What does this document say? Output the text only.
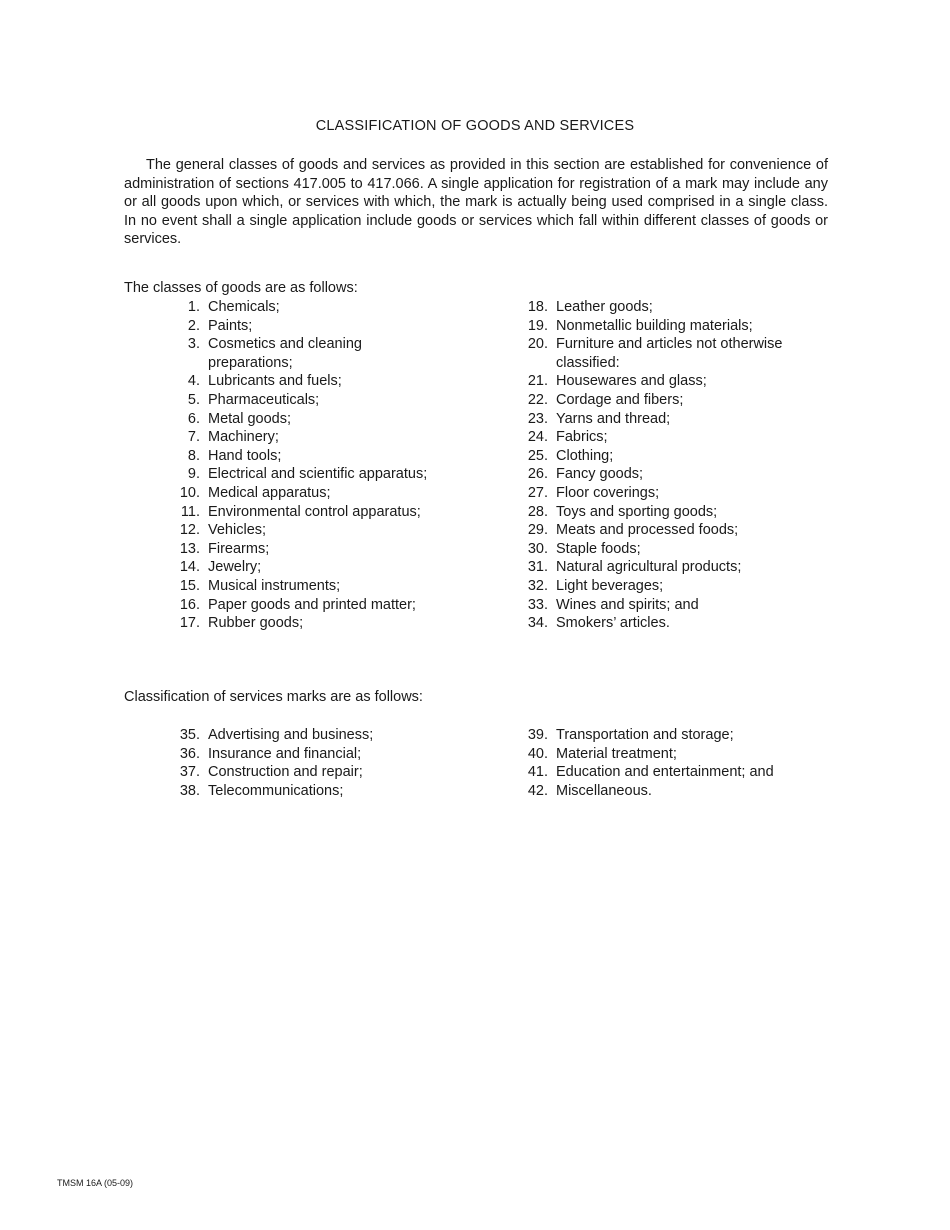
CLASSIFICATION OF GOODS AND SERVICES

The general classes of goods and services as provided in this section are established for convenience of administration of sections 417.005 to 417.066. A single application for registration of a mark may include any or all goods upon which, or services with which, the mark is actually being used comprised in a single class. In no event shall a single application include goods or services which fall within different classes of goods or services.

The classes of goods are as follows:

1. Chemicals;
2. Paints;
3. Cosmetics and cleaning preparations;
4. Lubricants and fuels;
5. Pharmaceuticals;
6. Metal goods;
7. Machinery;
8. Hand tools;
9. Electrical and scientific apparatus;
10. Medical apparatus;
11. Environmental control apparatus;
12. Vehicles;
13. Firearms;
14. Jewelry;
15. Musical instruments;
16. Paper goods and printed matter;
17. Rubber goods;
18. Leather goods;
19. Nonmetallic building materials;
20. Furniture and articles not otherwise classified:
21. Housewares and glass;
22. Cordage and fibers;
23. Yarns and thread;
24. Fabrics;
25. Clothing;
26. Fancy goods;
27. Floor coverings;
28. Toys and sporting goods;
29. Meats and processed foods;
30. Staple foods;
31. Natural agricultural products;
32. Light beverages;
33. Wines and spirits; and
34. Smokers’ articles.

Classification of services marks are as follows:

35. Advertising and business;
36. Insurance and financial;
37. Construction and repair;
38. Telecommunications;
39. Transportation and storage;
40. Material treatment;
41. Education and entertainment; and
42. Miscellaneous.
TMSM 16A (05-09)
